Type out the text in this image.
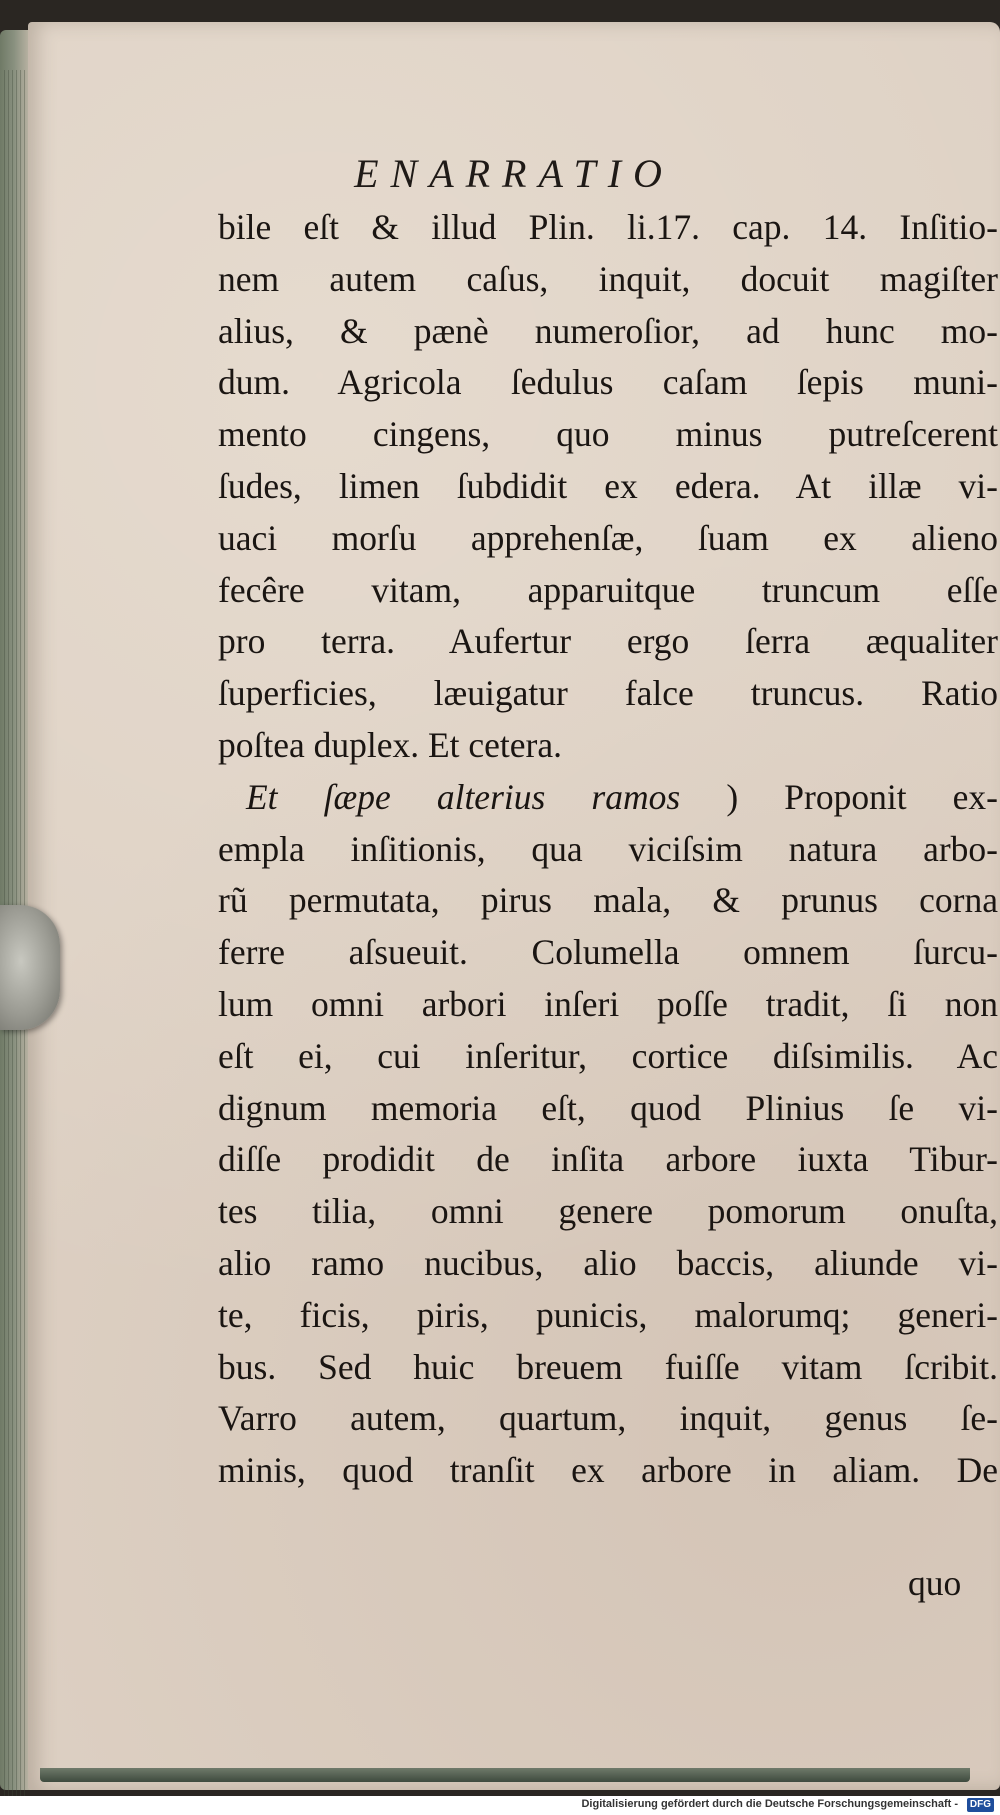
ENARRATIO
bile eſt & illud Plin. li.17. cap. 14. Inſitio-
nem autem caſus, inquit, docuit magiſter
alius, & pænè numeroſior, ad hunc mo-
dum. Agricola ſedulus caſam ſepis muni-
mento cingens, quo minus putreſcerent
ſudes, limen ſubdidit ex edera. At illæ vi-
uaci morſu apprehenſæ, ſuam ex alieno
fecêre vitam, apparuitque truncum eſſe
pro terra. Aufertur ergo ſerra æqualiter
ſuperficies, læuigatur falce truncus. Ratio
poſtea duplex. Et cetera.
Et ſæpe alterius ramos ) Proponit ex-
empla inſitionis, qua viciſsim natura arbo-
rũ permutata, pirus mala, & prunus corna
ferre aſsueuit. Columella omnem ſurcu-
lum omni arbori inſeri poſſe tradit, ſi non
eſt ei, cui inſeritur, cortice diſsimilis. Ac
dignum memoria eſt, quod Plinius ſe vi-
diſſe prodidit de inſita arbore iuxta Tibur-
tes tilia, omni genere pomorum onuſta,
alio ramo nucibus, alio baccis, aliunde vi-
te, ficis, piris, punicis, malorumq; generi-
bus. Sed huic breuem fuiſſe vitam ſcribit.
Varro autem, quartum, inquit, genus ſe-
minis, quod tranſit ex arbore in aliam. De
quo
Digitalisierung gefördert durch die Deutsche Forschungsgemeinschaft -	DFG
